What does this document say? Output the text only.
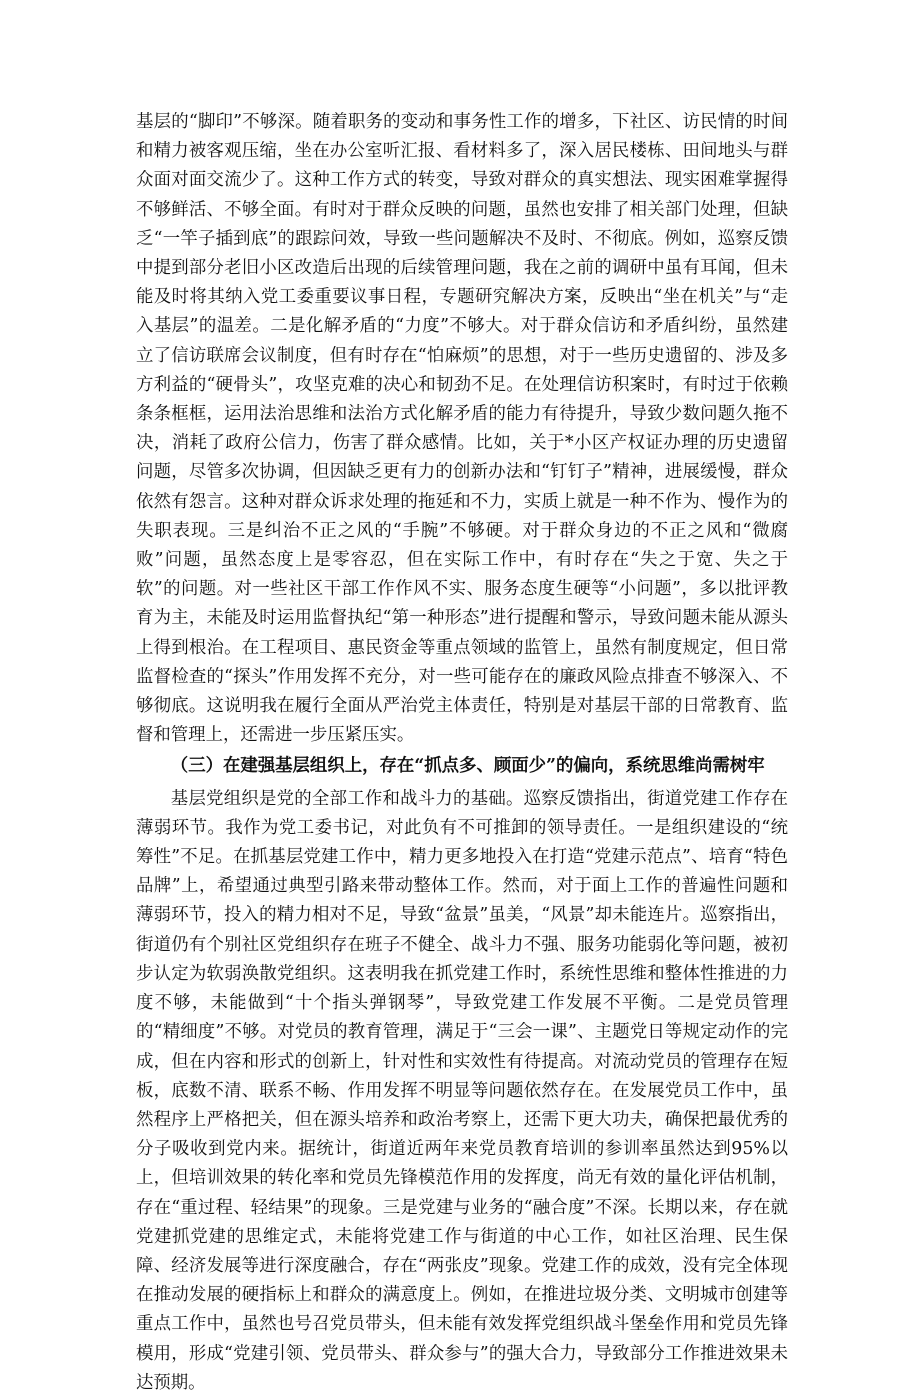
基层的“脚印”不够深。随着职务的变动和事务性工作的增多，下社区、访民情的时间和精力被客观压缩，坐在办公室听汇报、看材料多了，深入居民楼栋、田间地头与群众面对面交流少了。这种工作方式的转变，导致对群众的真实想法、现实困难掌握得不够鲜活、不够全面。有时对于群众反映的问题，虽然也安排了相关部门处理，但缺乏“一竿子插到底”的跟踪问效，导致一些问题解决不及时、不彻底。例如，巡察反馈中提到部分老旧小区改造后出现的后续管理问题，我在之前的调研中虽有耳闻，但未能及时将其纳入党工委重要议事日程，专题研究解决方案，反映出“坐在机关”与“走入基层”的温差。二是化解矛盾的“力度”不够大。对于群众信访和矛盾纠纷，虽然建立了信访联席会议制度，但有时存在“怕麻烦”的思想，对于一些历史遗留的、涉及多方利益的“硬骨头”，攻坚克难的决心和韧劲不足。在处理信访积案时，有时过于依赖条条框框，运用法治思维和法治方式化解矛盾的能力有待提升，导致少数问题久拖不决，消耗了政府公信力，伤害了群众感情。比如，关于*小区产权证办理的历史遗留问题，尽管多次协调，但因缺乏更有力的创新办法和“钉钉子”精神，进展缓慢，群众依然有怨言。这种对群众诉求处理的拖延和不力，实质上就是一种不作为、慢作为的失职表现。三是纠治不正之风的“手腕”不够硬。对于群众身边的不正之风和“微腐败”问题，虽然态度上是零容忍，但在实际工作中，有时存在“失之于宽、失之于软”的问题。对一些社区干部工作作风不实、服务态度生硬等“小问题”，多以批评教育为主，未能及时运用监督执纪“第一种形态”进行提醒和警示，导致问题未能从源头上得到根治。在工程项目、惠民资金等重点领域的监管上，虽然有制度规定，但日常监督检查的“探头”作用发挥不充分，对一些可能存在的廉政风险点排查不够深入、不够彻底。这说明我在履行全面从严治党主体责任，特别是对基层干部的日常教育、监督和管理上，还需进一步压紧压实。

（三）在建强基层组织上，存在“抓点多、顾面少”的偏向，系统思维尚需树牢

基层党组织是党的全部工作和战斗力的基础。巡察反馈指出，街道党建工作存在薄弱环节。我作为党工委书记，对此负有不可推卸的领导责任。一是组织建设的“统筹性”不足。在抓基层党建工作中，精力更多地投入在打造“党建示范点”、培育“特色品牌”上，希望通过典型引路来带动整体工作。然而，对于面上工作的普遍性问题和薄弱环节，投入的精力相对不足，导致“盆景”虽美，“风景”却未能连片。巡察指出，街道仍有个别社区党组织存在班子不健全、战斗力不强、服务功能弱化等问题，被初步认定为软弱涣散党组织。这表明我在抓党建工作时，系统性思维和整体性推进的力度不够，未能做到“十个指头弹钢琴”，导致党建工作发展不平衡。二是党员管理的“精细度”不够。对党员的教育管理，满足于“三会一课”、主题党日等规定动作的完成，但在内容和形式的创新上，针对性和实效性有待提高。对流动党员的管理存在短板，底数不清、联系不畅、作用发挥不明显等问题依然存在。在发展党员工作中，虽然程序上严格把关，但在源头培养和政治考察上，还需下更大功夫，确保把最优秀的分子吸收到党内来。据统计，街道近两年来党员教育培训的参训率虽然达到95%以上，但培训效果的转化率和党员先锋模范作用的发挥度，尚无有效的量化评估机制，存在“重过程、轻结果”的现象。三是党建与业务的“融合度”不深。长期以来，存在就党建抓党建的思维定式，未能将党建工作与街道的中心工作，如社区治理、民生保障、经济发展等进行深度融合，存在“两张皮”现象。党建工作的成效，没有完全体现在推动发展的硬指标上和群众的满意度上。例如，在推进垃圾分类、文明城市创建等重点工作中，虽然也号召党员带头，但未能有效发挥党组织战斗堡垒作用和党员先锋模用，形成“党建引领、党员带头、群众参与”的强大合力，导致部分工作推进效果未达预期。
